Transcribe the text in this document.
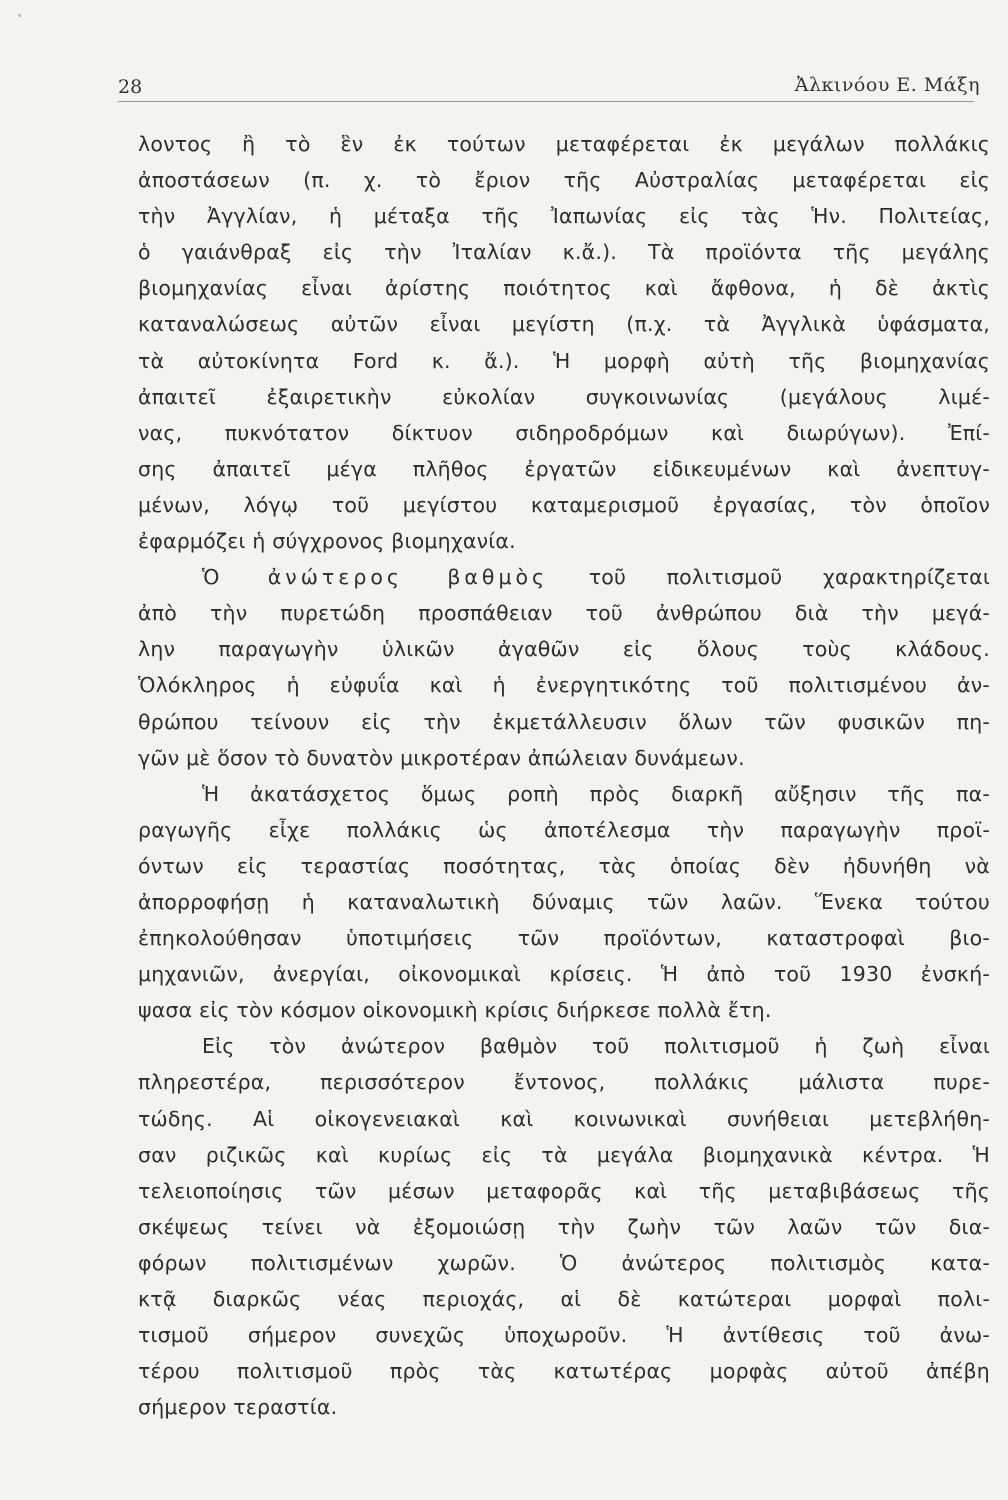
28	Ἀλκινόου Ε. Μάξη
λοντος ἢ τὸ ἓν ἐκ τούτων μεταφέρεται ἐκ μεγάλων πολλάκις
ἀποστάσεων (π. χ. τὸ ἔριον τῆς Αὐστραλίας μεταφέρεται εἰς
τὴν Ἀγγλίαν, ἡ μέταξα τῆς Ἰαπωνίας εἰς τὰς Ἡν. Πολιτείας,
ὁ γαιάνθραξ εἰς τὴν Ἰταλίαν κ.ἄ.). Τὰ προϊόντα τῆς μεγάλης
βιομηχανίας εἶναι ἀρίστης ποιότητος καὶ ἄφθονα, ἡ δὲ ἀκτὶς
καταναλώσεως αὐτῶν εἶναι μεγίστη (π.χ. τὰ Ἀγγλικὰ ὑφάσματα,
τὰ αὐτοκίνητα Ford κ. ἄ.). Ἡ μορφὴ αὐτὴ τῆς βιομηχανίας
ἀπαιτεῖ ἐξαιρετικὴν εὐκολίαν συγκοινωνίας (μεγάλους λιμέ-
νας, πυκνότατον δίκτυον σιδηροδρόμων καὶ διωρύγων). Ἐπί-
σης ἀπαιτεῖ μέγα πλῆθος ἐργατῶν εἰδικευμένων καὶ ἀνεπτυγ-
μένων, λόγῳ τοῦ μεγίστου καταμερισμοῦ ἐργασίας, τὸν ὁποῖον
ἐφαρμόζει ἡ σύγχρονος βιομηχανία.
Ὁ ἀνώτερος βαθμὸς τοῦ πολιτισμοῦ χαρακτηρίζεται
ἀπὸ τὴν πυρετώδη προσπάθειαν τοῦ ἀνθρώπου διὰ τὴν μεγά-
λην παραγωγὴν ὑλικῶν ἀγαθῶν εἰς ὅλους τοὺς κλάδους.
Ὁλόκληρος ἡ εὐφυΐα καὶ ἡ ἐνεργητικότης τοῦ πολιτισμένου ἀν-
θρώπου τείνουν εἰς τὴν ἐκμετάλλευσιν ὅλων τῶν φυσικῶν πη-
γῶν μὲ ὅσον τὸ δυνατὸν μικροτέραν ἀπώλειαν δυνάμεων.
Ἡ ἀκατάσχετος ὅμως ροπὴ πρὸς διαρκῆ αὔξησιν τῆς πα-
ραγωγῆς εἶχε πολλάκις ὡς ἀποτέλεσμα τὴν παραγωγὴν προϊ-
όντων εἰς τεραστίας ποσότητας, τὰς ὁποίας δὲν ἠδυνήθη νὰ
ἀπορροφήσῃ ἡ καταναλωτικὴ δύναμις τῶν λαῶν. Ἕνεκα τούτου
ἐπηκολούθησαν ὑποτιμήσεις τῶν προϊόντων, καταστροφαὶ βιο-
μηχανιῶν, ἀνεργίαι, οἰκονομικαὶ κρίσεις. Ἡ ἀπὸ τοῦ 1930 ἐνσκή-
ψασα εἰς τὸν κόσμον οἰκονομικὴ κρίσις διήρκεσε πολλὰ ἔτη.
Εἰς τὸν ἀνώτερον βαθμὸν τοῦ πολιτισμοῦ ἡ ζωὴ εἶναι
πληρεστέρα, περισσότερον ἔντονος, πολλάκις μάλιστα πυρε-
τώδης. Αἱ οἰκογενειακαὶ καὶ κοινωνικαὶ συνήθειαι μετεβλήθη-
σαν ριζικῶς καὶ κυρίως εἰς τὰ μεγάλα βιομηχανικὰ κέντρα. Ἡ
τελειοποίησις τῶν μέσων μεταφορᾶς καὶ τῆς μεταβιβάσεως τῆς
σκέψεως τείνει νὰ ἐξομοιώσῃ τὴν ζωὴν τῶν λαῶν τῶν δια-
φόρων πολιτισμένων χωρῶν. Ὁ ἀνώτερος πολιτισμὸς κατα-
κτᾷ διαρκῶς νέας περιοχάς, αἱ δὲ κατώτεραι μορφαὶ πολι-
τισμοῦ σήμερον συνεχῶς ὑποχωροῦν. Ἡ ἀντίθεσις τοῦ ἀνω-
τέρου πολιτισμοῦ πρὸς τὰς κατωτέρας μορφὰς αὐτοῦ ἀπέβη
σήμερον τεραστία.
